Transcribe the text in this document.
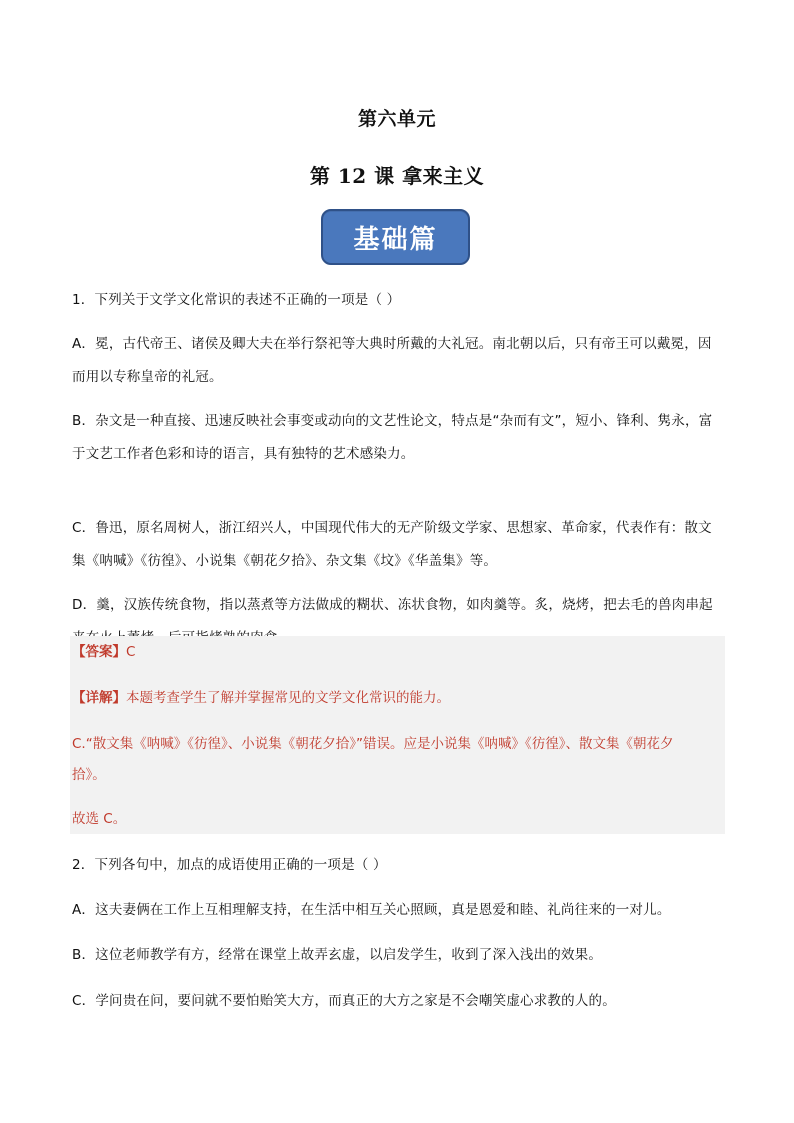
第六单元
第 12 课 拿来主义
基础篇
1．下列关于文学文化常识的表述不正确的一项是（ ）
A．冕，古代帝王、诸侯及卿大夫在举行祭祀等大典时所戴的大礼冠。南北朝以后，只有帝王可以戴冕，因
而用以专称皇帝的礼冠。
B．杂文是一种直接、迅速反映社会事变或动向的文艺性论文，特点是“杂而有文”，短小、锋利、隽永，富
于文艺工作者色彩和诗的语言，具有独特的艺术感染力。
C．鲁迅，原名周树人，浙江绍兴人，中国现代伟大的无产阶级文学家、思想家、革命家，代表作有：散文
集《呐喊》《彷徨》、小说集《朝花夕拾》、杂文集《坟》《华盖集》等。
D．羹，汉族传统食物，指以蒸煮等方法做成的糊状、冻状食物，如肉羹等。炙，烧烤，把去毛的兽肉串起
【答案】C
【详解】本题考查学生了解并掌握常见的文学文化常识的能力。
C.“散文集《呐喊》《彷徨》、小说集《朝花夕拾》”错误。应是小说集《呐喊》《彷徨》、散文集《朝花夕
拾》。
故选 C。
2．下列各句中，加点的成语使用正确的一项是（ ）
A．这夫妻俩在工作上互相理解支持，在生活中相互关心照顾，真是恩爱和睦、礼尚往来的一对儿。
B．这位老师教学有方，经常在课堂上故弄玄虚，以启发学生，收到了深入浅出的效果。
C．学问贵在问，要问就不要怕贻笑大方，而真正的大方之家是不会嘲笑虚心求教的人的。
